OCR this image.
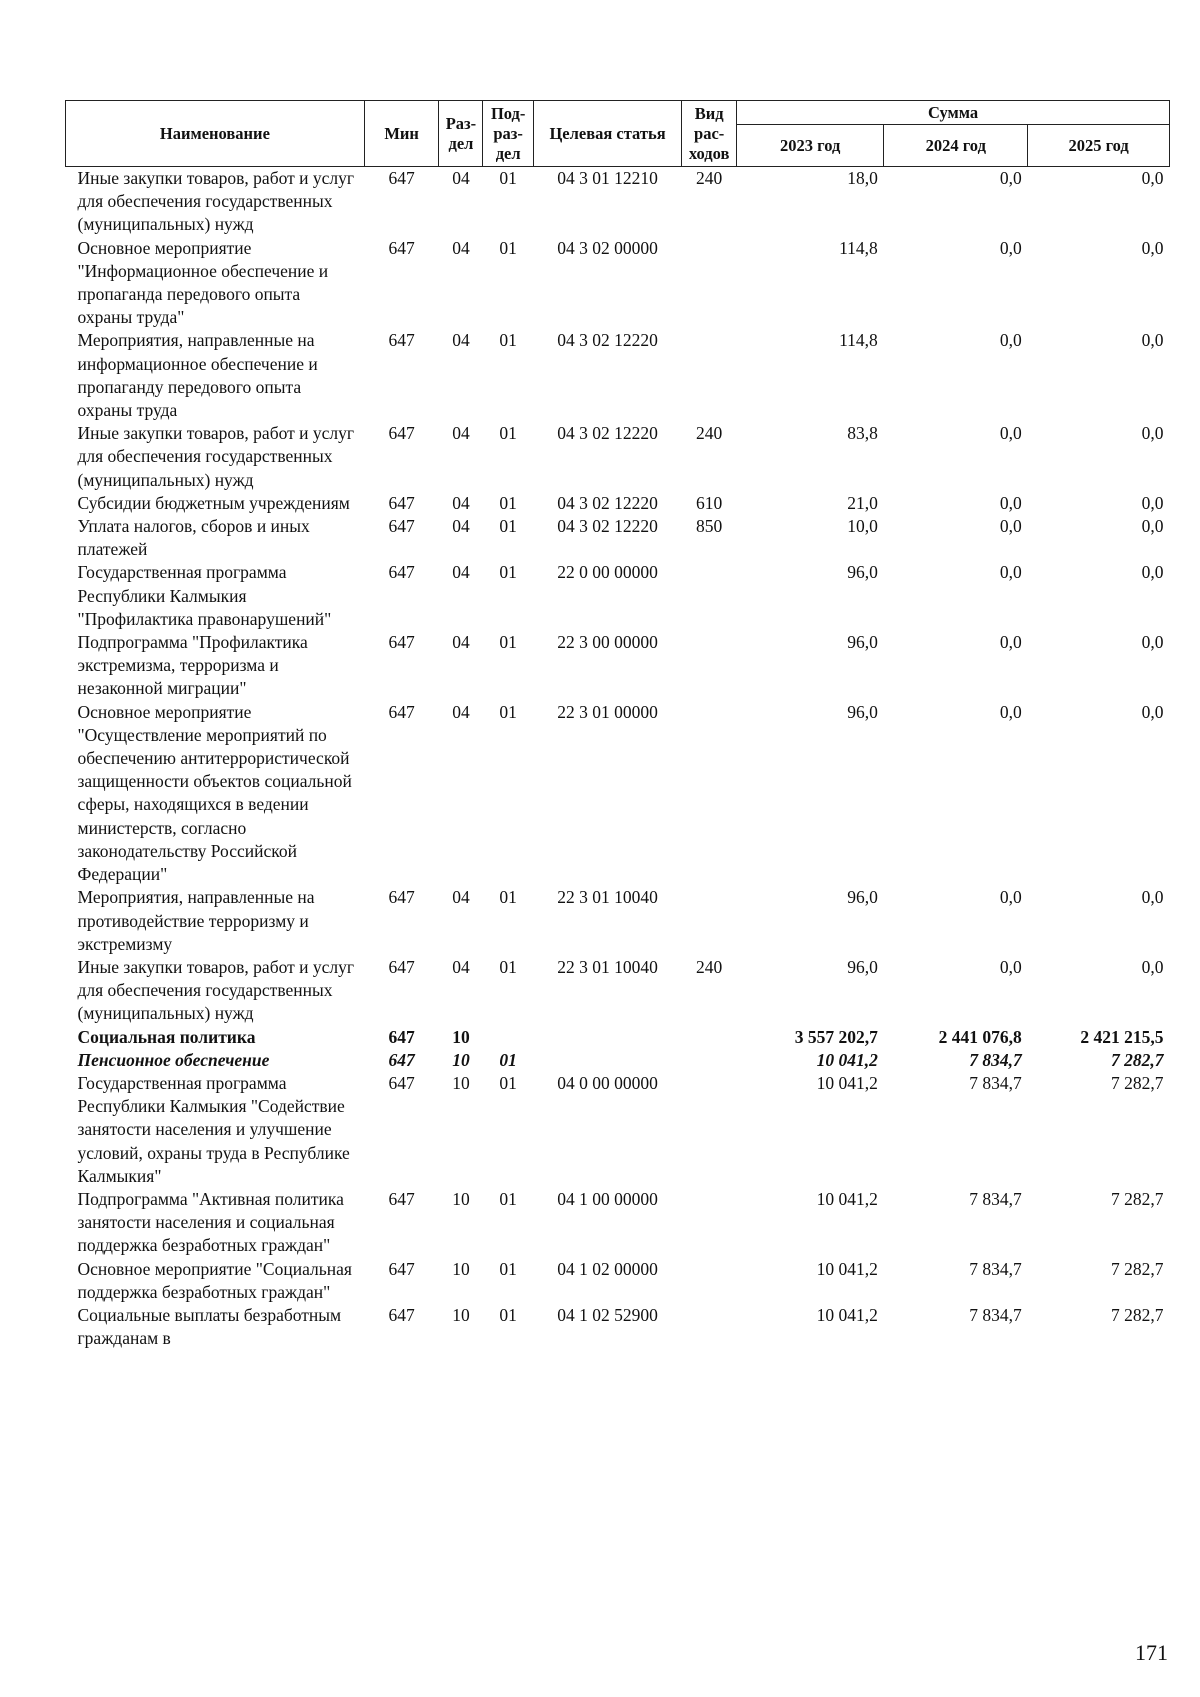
Наименование	Мин	Раз-дел	Под-раз-дел	Целевая статья	Вид рас-ходов	Сумма		
						2023 год	2024 год	2025 год
Иные закупки товаров, работ и услуг для обеспечения государственных (муниципальных) нужд	647	04	01	04 3 01 12210	240	18,0	0,0	0,0
Основное мероприятие "Информационное обеспечение и пропаганда передового опыта охраны труда"	647	04	01	04 3 02 00000		114,8	0,0	0,0
Мероприятия, направленные на информационное обеспечение и пропаганду передового опыта охраны труда	647	04	01	04 3 02 12220		114,8	0,0	0,0
Иные закупки товаров, работ и услуг для обеспечения государственных (муниципальных) нужд	647	04	01	04 3 02 12220	240	83,8	0,0	0,0
Субсидии бюджетным учреждениям	647	04	01	04 3 02 12220	610	21,0	0,0	0,0
Уплата налогов, сборов и иных платежей	647	04	01	04 3 02 12220	850	10,0	0,0	0,0
Государственная программа Республики Калмыкия "Профилактика правонарушений"	647	04	01	22 0 00 00000		96,0	0,0	0,0
Подпрограмма "Профилактика экстремизма, терроризма и незаконной миграции"	647	04	01	22 3 00 00000		96,0	0,0	0,0
Основное мероприятие "Осуществление мероприятий по обеспечению антитеррористической защищенности объектов социальной сферы, находящихся в ведении министерств, согласно законодательству Российской Федерации"	647	04	01	22 3 01 00000		96,0	0,0	0,0
Мероприятия, направленные на противодействие терроризму и экстремизму	647	04	01	22 3 01 10040		96,0	0,0	0,0
Иные закупки товаров, работ и услуг для обеспечения государственных (муниципальных) нужд	647	04	01	22 3 01 10040	240	96,0	0,0	0,0
Социальная политика	647	10				3 557 202,7	2 441 076,8	2 421 215,5
Пенсионное обеспечение	647	10	01			10 041,2	7 834,7	7 282,7
Государственная программа Республики Калмыкия "Содействие занятости населения и улучшение условий, охраны труда в Республике Калмыкия"	647	10	01	04 0 00 00000		10 041,2	7 834,7	7 282,7
Подпрограмма "Активная политика занятости населения и социальная поддержка безработных граждан"	647	10	01	04 1 00 00000		10 041,2	7 834,7	7 282,7
Основное мероприятие "Социальная поддержка безработных граждан"	647	10	01	04 1 02 00000		10 041,2	7 834,7	7 282,7
Социальные выплаты безработным гражданам в	647	10	01	04 1 02 52900		10 041,2	7 834,7	7 282,7
171
